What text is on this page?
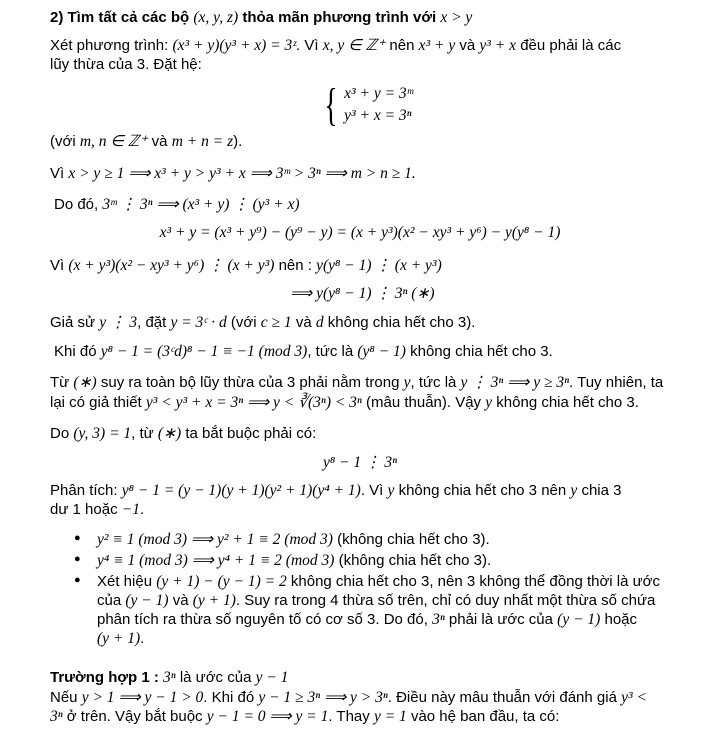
2) Tìm tất cả các bộ (x, y, z) thỏa mãn phương trình với x > y
Xét phương trình: (x³ + y)(y³ + x) = 3ᶻ. Vì x, y ∈ ℤ⁺ nên x³ + y và y³ + x đều phải là các
lũy thừa của 3. Đặt hệ:
{ x³ + y = 3ᵐ
y³ + x = 3ⁿ
(với m, n ∈ ℤ⁺ và m + n = z).
Vì x > y ≥ 1 ⟹ x³ + y > y³ + x ⟹ 3ᵐ > 3ⁿ ⟹ m > n ≥ 1.
Do đó, 3ᵐ ⋮ 3ⁿ ⟹ (x³ + y) ⋮ (y³ + x)
x³ + y = (x³ + y⁹) − (y⁹ − y) = (x + y³)(x² − xy³ + y⁶) − y(y⁸ − 1)
Vì (x + y³)(x² − xy³ + y⁶) ⋮ (x + y³) nên : y(y⁸ − 1) ⋮ (x + y³)
⟹ y(y⁸ − 1) ⋮ 3ⁿ (∗)
Giả sử y ⋮ 3, đặt y = 3ᶜ · d (với c ≥ 1 và d không chia hết cho 3).
Khi đó y⁸ − 1 = (3ᶜd)⁸ − 1 ≡ −1 (mod 3), tức là (y⁸ − 1) không chia hết cho 3.
Từ (∗) suy ra toàn bộ lũy thừa của 3 phải nằm trong y, tức là y ⋮ 3ⁿ ⟹ y ≥ 3ⁿ. Tuy nhiên, ta
lại có giả thiết y³ < y³ + x = 3ⁿ ⟹ y < ∛(3ⁿ) < 3ⁿ (mâu thuẫn). Vậy y không chia hết cho 3.
Do (y, 3) = 1, từ (∗) ta bắt buộc phải có:
y⁸ − 1 ⋮ 3ⁿ
Phân tích: y⁸ − 1 = (y − 1)(y + 1)(y² + 1)(y⁴ + 1). Vì y không chia hết cho 3 nên y chia 3
dư 1 hoặc −1.
● y² ≡ 1 (mod 3) ⟹ y² + 1 ≡ 2 (mod 3) (không chia hết cho 3).
● y⁴ ≡ 1 (mod 3) ⟹ y⁴ + 1 ≡ 2 (mod 3) (không chia hết cho 3).
● Xét hiệu (y + 1) − (y − 1) = 2 không chia hết cho 3, nên 3 không thể đồng thời là ước
của (y − 1) và (y + 1). Suy ra trong 4 thừa số trên, chỉ có duy nhất một thừa số chứa
phân tích ra thừa số nguyên tố có cơ số 3. Do đó, 3ⁿ phải là ước của (y − 1) hoặc
(y + 1).
Trường hợp 1 : 3ⁿ là ước của y − 1
Nếu y > 1 ⟹ y − 1 > 0. Khi đó y − 1 ≥ 3ⁿ ⟹ y > 3ⁿ. Điều này mâu thuẫn với đánh giá y³ <
3ⁿ ở trên. Vậy bắt buộc y − 1 = 0 ⟹ y = 1. Thay y = 1 vào hệ ban đầu, ta có:
